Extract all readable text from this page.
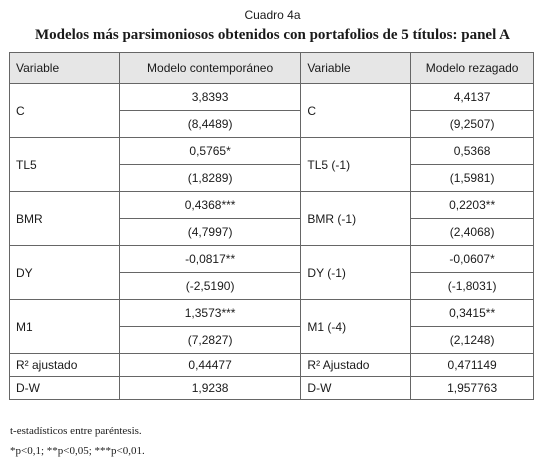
Cuadro 4a
Modelos más parsimoniosos obtenidos con portafolios de 5 títulos: panel A
Variable	Modelo contemporáneo	Variable	Modelo rezagado
C	3,8393	C	4,4137
	(8,4489)		(9,2507)
TL5	0,5765*	TL5 (-1)	0,5368
	(1,8289)		(1,5981)
BMR	0,4368***	BMR (-1)	0,2203**
	(4,7997)		(2,4068)
DY	-0,0817**	DY (-1)	-0,0607*
	(-2,5190)		(-1,8031)
M1	1,3573***	M1 (-4)	0,3415**
	(7,2827)		(2,1248)
R² ajustado	0,44477	R² Ajustado	0,471149
D-W	1,9238	D-W	1,957763
t-estadísticos entre paréntesis.
*p<0,1; **p<0,05; ***p<0,01.
